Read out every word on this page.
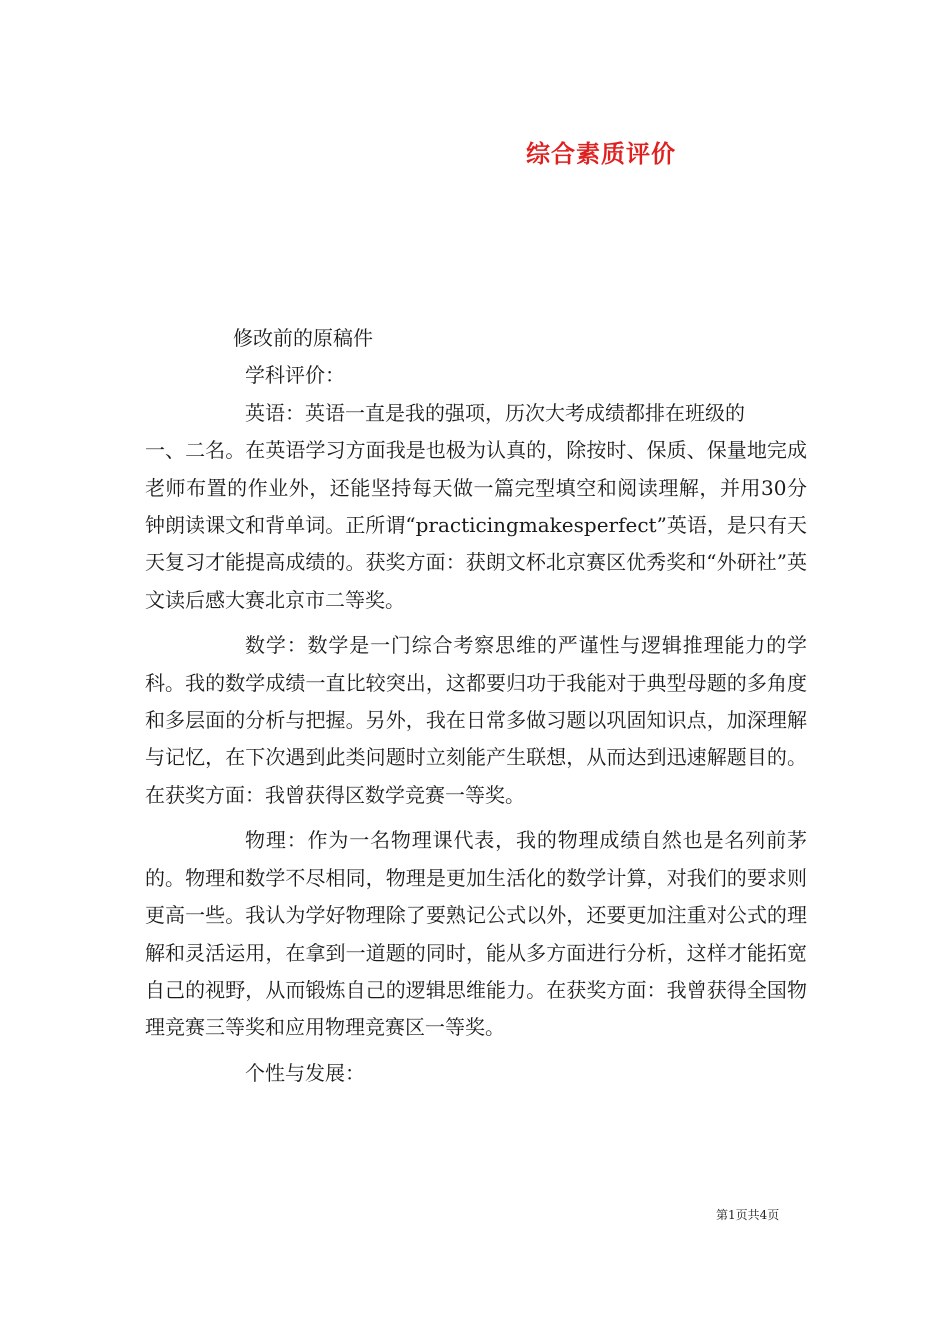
综合素质评价

修改前的原稿件

学科评价：

英语：英语一直是我的强项，历次大考成绩都排在班级的

一、二名。在英语学习方面我是也极为认真的，除按时、保质、保量地完成老师布置的作业外，还能坚持每天做一篇完型填空和阅读理解，并用30分钟朗读课文和背单词。正所谓“practicingmakesperfect”英语，是只有天天复习才能提高成绩的。获奖方面：获朗文杯北京赛区优秀奖和“外研社”英文读后感大赛北京市二等奖。

数学：数学是一门综合考察思维的严谨性与逻辑推理能力的学科。我的数学成绩一直比较突出，这都要归功于我能对于典型母题的多角度和多层面的分析与把握。另外，我在日常多做习题以巩固知识点，加深理解与记忆，在下次遇到此类问题时立刻能产生联想，从而达到迅速解题目的。在获奖方面：我曾获得区数学竞赛一等奖。

物理：作为一名物理课代表，我的物理成绩自然也是名列前茅的。物理和数学不尽相同，物理是更加生活化的数学计算，对我们的要求则更高一些。我认为学好物理除了要熟记公式以外，还要更加注重对公式的理解和灵活运用，在拿到一道题的同时，能从多方面进行分析，这样才能拓宽自己的视野，从而锻炼自己的逻辑思维能力。在获奖方面：我曾获得全国物理竞赛三等奖和应用物理竞赛区一等奖。

个性与发展：

第1页共4页
